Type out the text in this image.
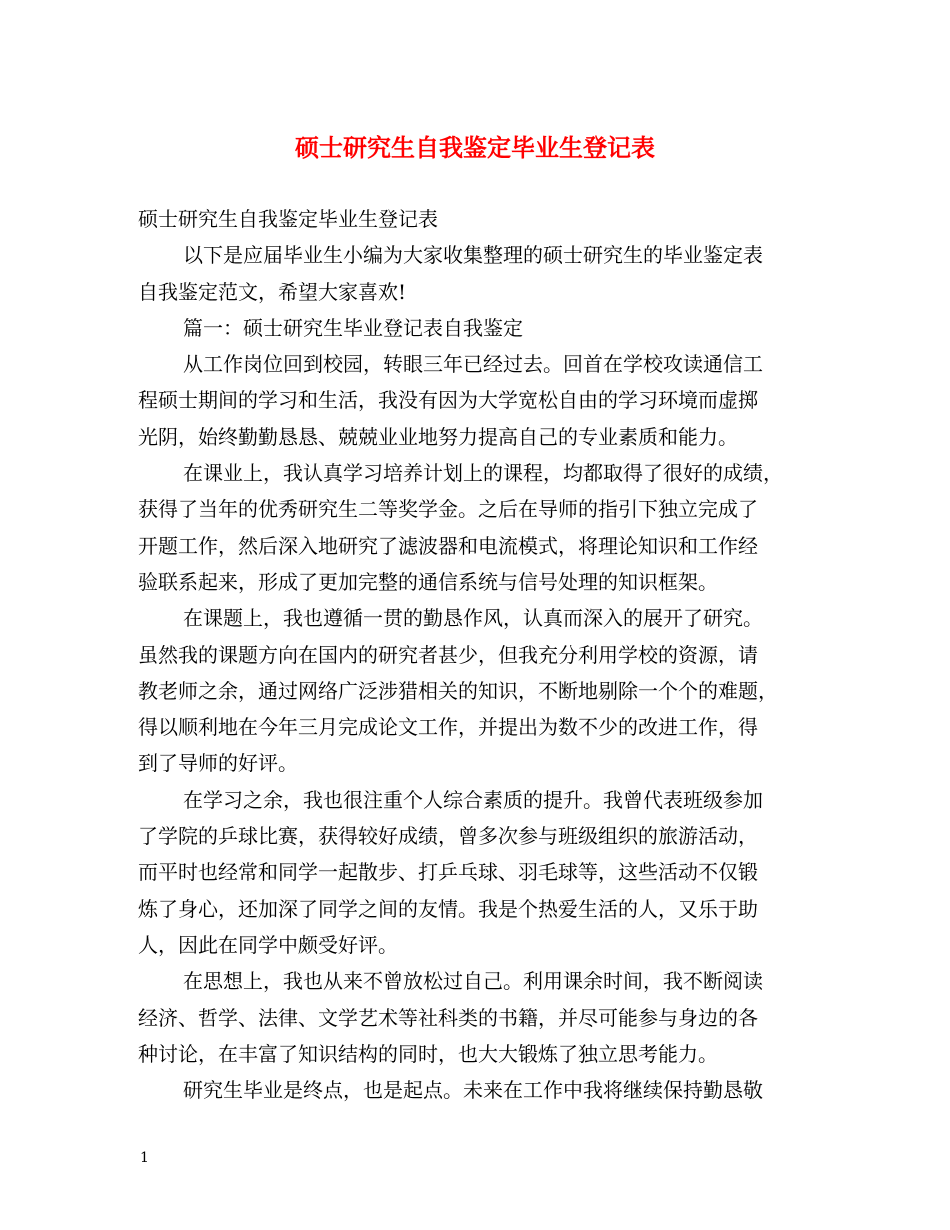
硕士研究生自我鉴定毕业生登记表
硕士研究生自我鉴定毕业生登记表
以下是应届毕业生小编为大家收集整理的硕士研究生的毕业鉴定表
自我鉴定范文，希望大家喜欢!
篇一：硕士研究生毕业登记表自我鉴定
从工作岗位回到校园，转眼三年已经过去。回首在学校攻读通信工
程硕士期间的学习和生活，我没有因为大学宽松自由的学习环境而虚掷
光阴，始终勤勤恳恳、兢兢业业地努力提高自己的专业素质和能力。
在课业上，我认真学习培养计划上的课程，均都取得了很好的成绩，
获得了当年的优秀研究生二等奖学金。之后在导师的指引下独立完成了
开题工作，然后深入地研究了滤波器和电流模式，将理论知识和工作经
验联系起来，形成了更加完整的通信系统与信号处理的知识框架。
在课题上，我也遵循一贯的勤恳作风，认真而深入的展开了研究。
虽然我的课题方向在国内的研究者甚少，但我充分利用学校的资源，请
教老师之余，通过网络广泛涉猎相关的知识，不断地剔除一个个的难题，
得以顺利地在今年三月完成论文工作，并提出为数不少的改进工作，得
到了导师的好评。
在学习之余，我也很注重个人综合素质的提升。我曾代表班级参加
了学院的乒球比赛，获得较好成绩，曾多次参与班级组织的旅游活动，
而平时也经常和同学一起散步、打乒乓球、羽毛球等，这些活动不仅锻
炼了身心，还加深了同学之间的友情。我是个热爱生活的人，又乐于助
人，因此在同学中颇受好评。
在思想上，我也从来不曾放松过自己。利用课余时间，我不断阅读
经济、哲学、法律、文学艺术等社科类的书籍，并尽可能参与身边的各
种讨论，在丰富了知识结构的同时，也大大锻炼了独立思考能力。
研究生毕业是终点，也是起点。未来在工作中我将继续保持勤恳敬
1
